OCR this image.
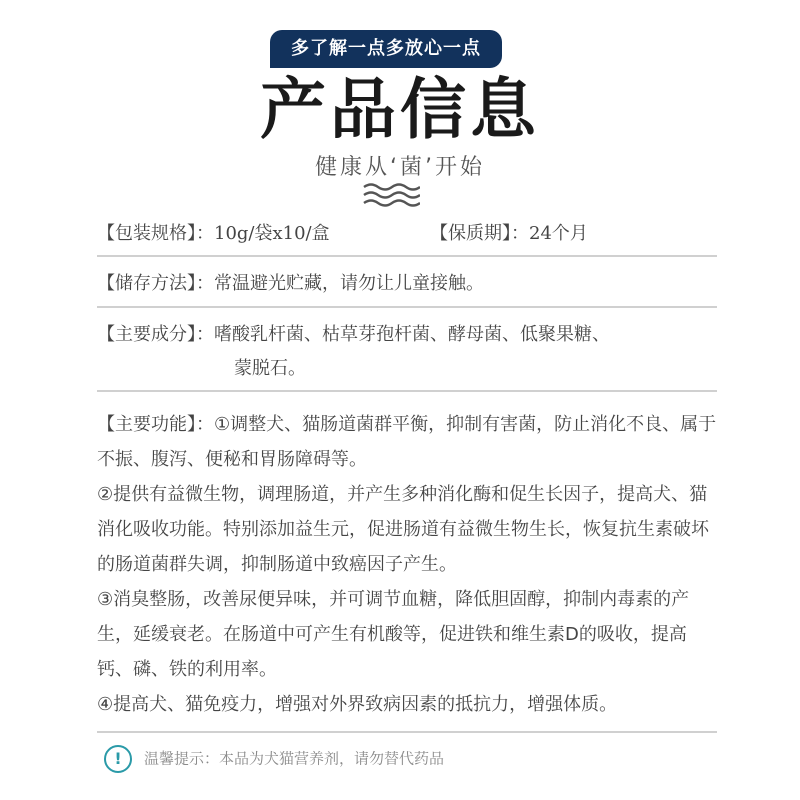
多了解一点多放心一点
产品信息
健康从‘菌’开始
【包装规格】：10g/袋x10/盒	【保质期】：24个月
【储存方法】：常温避光贮藏，请勿让儿童接触。
【主要成分】：嗜酸乳杆菌、枯草芽孢杆菌、酵母菌、低聚果糖、
蒙脱石。

【主要功能】：①调整犬、猫肠道菌群平衡，抑制有害菌，防止消化不良、属于不振、腹泻、便秘和胃肠障碍等。

②提供有益微生物，调理肠道，并产生多种消化酶和促生长因子，提高犬、猫消化吸收功能。特别添加益生元，促进肠道有益微生物生长，恢复抗生素破坏的肠道菌群失调，抑制肠道中致癌因子产生。

③消臭整肠，改善尿便异味，并可调节血糖，降低胆固醇，抑制内毒素的产生，延缓衰老。在肠道中可产生有机酸等，促进铁和维生素D的吸收，提高钙、磷、铁的利用率。

④提高犬、猫免疫力，增强对外界致病因素的抵抗力，增强体质。

! 温馨提示：本品为犬猫营养剂，请勿替代药品
